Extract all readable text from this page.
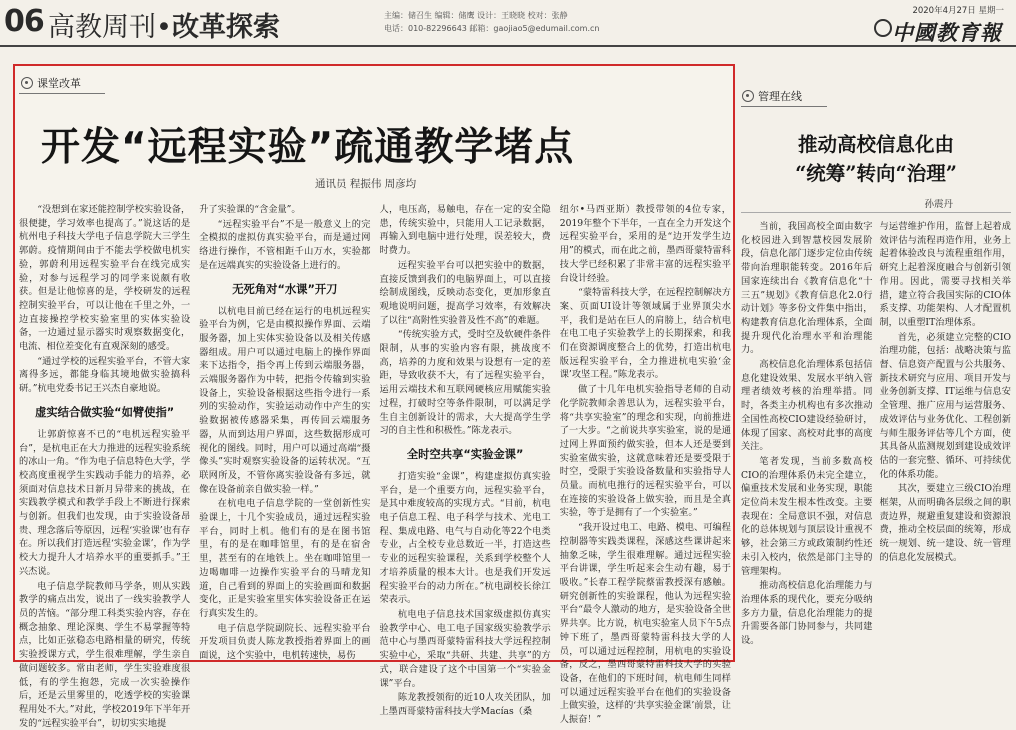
06 高教周刊•改革探索	主编：储召生 编辑：储鹰 设计：王晓晓 校对：张静
电话：010-82296643 邮箱：gaojiao5@edumail.com.cn
2020年4月27日 星期一
中國教育報
课堂改革
开发“远程实验”疏通教学堵点
通讯员 程振伟 周彦均

“没想到在家还能控制学校实验设备，很便捷，学习效率也提高了。”说这话的是杭州电子科技大学电子信息学院大三学生郭蔚。疫情期间由于不能去学校做电机实验，郭蔚利用远程实验平台在线完成实验，对参与远程学习的同学来说颇有收获。但是让他惊喜的是，学校研发的远程控制实验平台，可以让他在千里之外，一边直接操控学校实验室里的实体实验设备，一边通过显示器实时观察数据变化，电流、相位差变化有直观深刻的感受。

“通过学校的远程实验平台，不管大家离得多远，都能身临其境地做实验搞科研。”杭电党委书记王兴杰自豪地说。

虚实结合做实验“如臂使指”

让郭蔚惊喜不已的“电机远程实验平台”，是杭电正在大力推进的远程实验系统的冰山一角。“作为电子信息特色大学，学校高度重视学生实践动手能力的培养，必须面对信息技术日新月异带来的挑战，在实践教学模式和教学手段上不断进行探索与创新。但我们也发现，由于实验设备昂贵、理念落后等原因，远程‘实验课’也有存在。所以我们打造远程‘实验金课’，作为学校大力提升人才培养水平的重要抓手。”王兴杰说。

电子信息学院教师马学条，则从实践教学的痛点出发，说出了一线实验教学人员的苦恼。“部分理工科类实验内容，存在概念抽象、理论深奥、学生不易掌握等特点，比如正弦稳态电路相量的研究，传统实验授课方式，学生很难理解，学生亲自做问题较多。常由老师，学生实验难度很低，有的学生抱怨，完成一次实验操作后，还是云里雾里的，吃透学校的实验课程用处不大。”对此，学校2019年下半年开发的“远程实验平台”，切切实实地提

升了实验课的“含金量”。

“远程实验平台”不是一般意义上的完全模拟的虚拟仿真实验平台，而是通过网络进行操作，不管相距千山万水，实验都是在远端真实的实验设备上进行的。

无死角对“水课”开刀

以杭电目前已经在运行的电机远程实验平台为例，它是由模拟操作界面、云端服务器，加上实体实验设备以及相关传感器组成。用户可以通过电脑上的操作界面来下达指令，指令再上传到云端服务器，云端服务器作为中转，把指令传输到实验设备上，实验设备根据这些指令进行一系列的实验动作，实验运动动作中产生的实验数据被传感器采集，再传回云端服务器，从而到达用户界面，这些数据形成可视化的图线。同时，用户可以通过高端“摄像头”实时观察实验设备的运转状况。“互联网所及，不管你离实验设备有多远，就像在设备前亲自做实验一样。”

在杭电电子信息学院的一堂创新性实验课上，十几个实验成员，通过远程实验平台，同时上机。他们有的是在图书馆里，有的是在咖啡馆里，有的是在宿舍里，甚至有的在地铁上。坐在咖啡馆里一边喝咖啡一边操作实验平台的马晴龙知道，自己看到的界面上的实验画面和数据变化，正是实验室里实体实验设备正在运行真实发生的。

电子信息学院副院长、远程实验平台开发项目负责人陈龙教授指着界面上的画面说，这个实验中，电机转速快，易伤

人，电压高，易触电，存在一定的安全隐患，传统实验中，只能用人工记录数据，再输入到电脑中进行处理，误差较大，费时费力。

远程实验平台可以把实验中的数据，直接反馈到我们的电脑界面上，可以直接绘制成图线，反映动态变化，更加形象直观地说明问题，提高学习效率，有效解决了以往“高附性实验普及性不高”的难题。

“传统实验方式，受时空及软硬件条件限制，从事的实验内容有限，挑战度不高，培养的力度和效果与设想有一定的差距，导致收获不大，有了远程实验平台，运用云端技术和互联网硬核应用赋能实验过程，打破时空等条件限制，可以满足学生自主创新设计的需求，大大提高学生学习的自主性和积极性。”陈龙表示。

全时空共享“实验金课”

打造实验“金课”，构建虚拟仿真实验平台，是一个重要方向，远程实验平台，是其中难度较高的实现方式。“目前，杭电电子信息工程、电子科学与技术、光电工程、集成电路、电气与自动化等22个电类专业，占全校专业总数近一半，打造这些专业的远程实验课程，关系到学校整个人才培养质量的根本大计。也是我们开发远程实验平台的动力所在。”杭电副校长徐江荣表示。

杭电电子信息技术国家级虚拟仿真实验教学中心、电工电子国家级实验教学示范中心与墨西哥蒙特雷科技大学远程控制实验中心，采取“共研、共建、共享”的方式，联合建设了这个中国第一个“实验金课”平台。

陈龙教授领衔的近10人攻关团队，加上墨西哥蒙特雷科技大学Macías（桑

纽尔•马西亚斯）教授带领的4位专家，2019年整个下半年，一直在全力开发这个远程实验平台，采用的是“边开发学生边用”的模式，而在此之前，墨西哥蒙特雷科技大学已经积累了非常丰富的远程实验平台设计经验。

“蒙特雷科技大学，在远程控制解决方案、页面UI设计等领域属于业界顶尖水平，我们是站在巨人的肩膀上，结合杭电在电工电子实验教学上的长期探索，和我们在资源调度整合上的优势，打造出杭电版远程实验平台，全力推进杭电实验‘金课’攻坚工程。”陈龙表示。

做了十几年电机实验指导老师的自动化学院教师余善思认为，远程实验平台，将“共享实验室”的理念和实现，向前推进了一大步。“之前说共享实验室，说的是通过网上界面预约做实验，但本人还是要到实验室做实验，这就意味着还是要受限于时空，受限于实验设备数量和实验指导人员量。而杭电推行的远程实验平台，可以在连接的实验设备上做实验，而且是全真实验，等于是拥有了一个实验室。”

“我开设过电工、电路、模电、可编程控制器等实践类课程，深感这些课讲起来抽象乏味，学生很难理解。通过远程实验平台讲课，学生听起来会生动有趣，易于吸收。”长春工程学院蔡雷教授深有感触。研究创新性的实验课程，他认为远程实验平台“最令人激动的地方，是实验设备全世界共享。比方说，杭电实验室人员下午5点钟下班了，墨西哥蒙特雷科技大学的人员，可以通过远程控制，用杭电的实验设备，反之，墨西哥蒙特雷科技大学的实验设备，在他们的下班时间，杭电师生同样可以通过远程实验平台在他们的实验设备上做实验，这样的‘共享实验金课’前景，让人振奋！”

管理在线
推动高校信息化由
“统筹”转向“治理”
孙震丹

当前，我国高校全面由数字化校园进入到智慧校园发展阶段，信息化部门逐步定位由传统带向治理职能转变。2016年后国家连续出台《教育信息化“十三五”规划》《教育信息化2.0行动计划》等多份文件集中指出，构建教育信息化治理体系，全面提升现代化治理水平和治理能力。

高校信息化治理体系包括信息化建设效果、发展水平纳入管理者绩效考核的治理举措。同时，各类主办机构也有多次推动全国性高校CIO建设经验研讨，体现了国家、高校对此事的高度关注。

笔者发现，当前多数高校CIO的治理体系仍未完全建立，偏重技术发展和业务实现，职能定位尚未发生根本性改变。主要表现在：全局意识不强，对信息化的总体规划与顶层设计重视不够，社会第三方或政策制约性还未引入校内，依然是部门主导的管理架构。

推动高校信息化治理能力与治理体系的现代化，要充分吸纳多方力量，信息化治理能力的提升需要各部门协同参与，共同建设。

与运营维护作用，监督上起着成效评估与流程再造作用，业务上起着体验改良与流程重组作用，研究上起着深度融合与创新引领作用。因此，需要寻找相关举措，建立符合我国实际的CIO体系支撑、功能架构、人才配置机制，以重塑IT治理体系。

首先，必须建立完整的CIO治理功能，包括：战略决策与监督、信息资产配置与公共服务、新技术研究与应用、项目开发与业务创新支撑、IT运维与信息安全管理、推广应用与运营服务、成效评估与业务优化、工程创新与师生服务评估等几个方面，使其具备从监测规划到建设成效评估的一套完整、循环、可持续优化的体系功能。

其次，要建立三级CIO治理框架，从而明确各层级之间的职责边界，规避重复建设和资源浪费，推动全校层面的统筹，形成统一规划、统一建设、统一管理的信息化发展模式。
